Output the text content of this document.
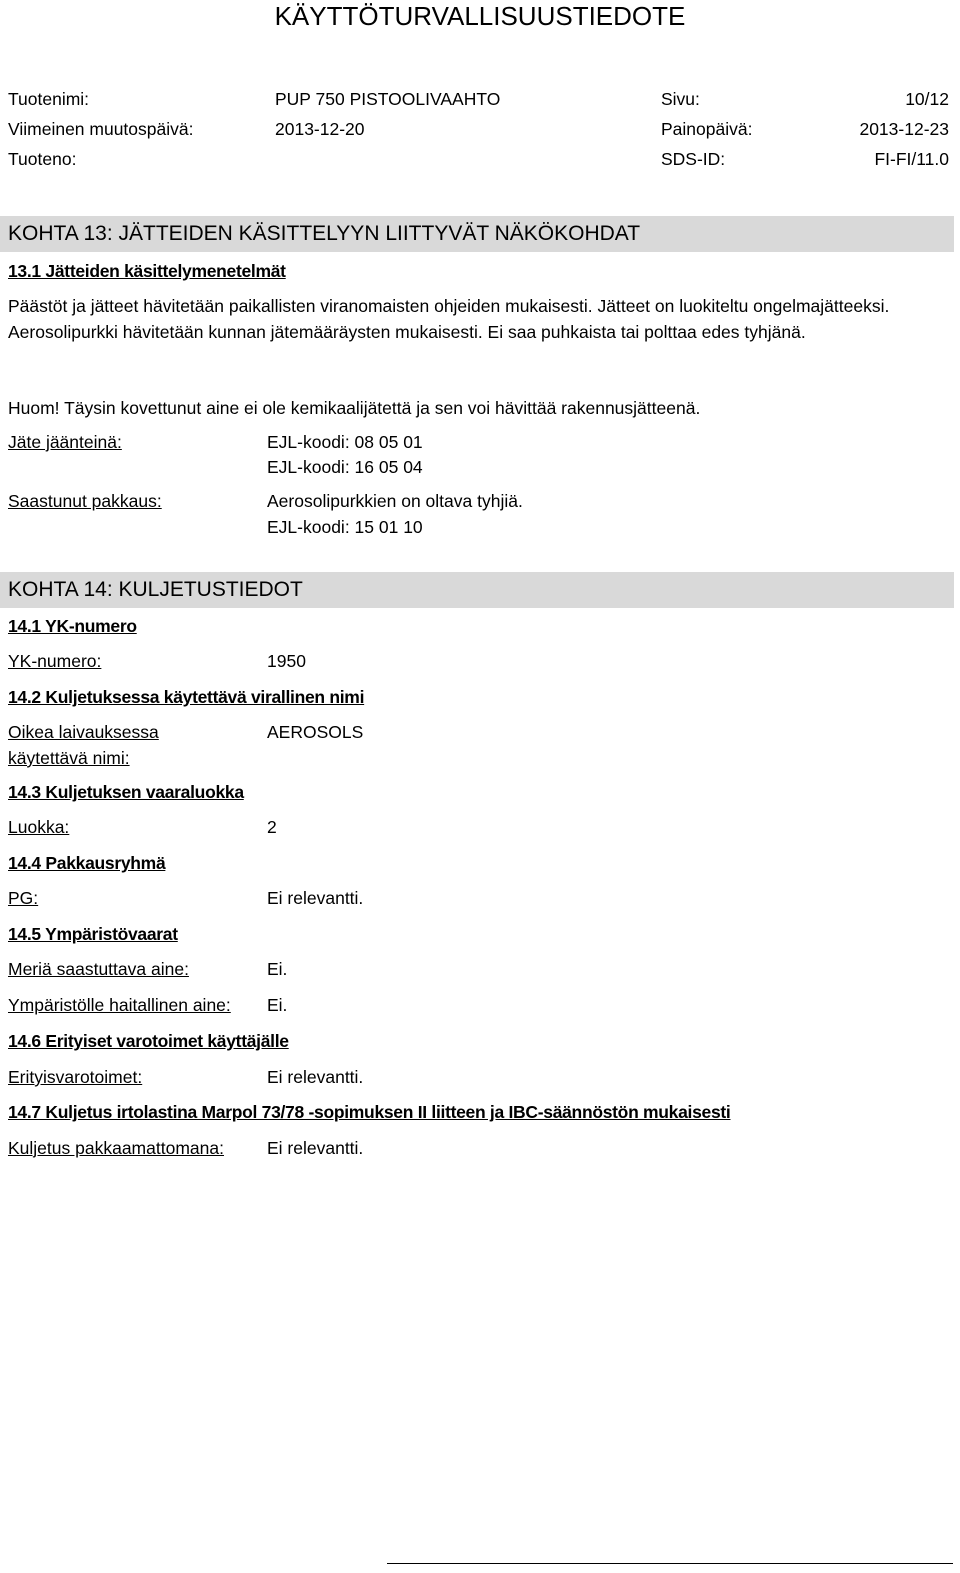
KÄYTTÖTURVALLISUUSTIEDOTE
Tuotenimi:	PUP 750 PISTOOLIVAAHTO	Sivu:	10/12
Viimeinen muutospäivä:	2013-12-20	Painopäivä:	2013-12-23
Tuoteno:	SDS-ID:	FI-FI/11.0
KOHTA 13: JÄTTEIDEN KÄSITTELYYN LIITTYVÄT NÄKÖKOHDAT
13.1 Jätteiden käsittelymenetelmät
Päästöt ja jätteet hävitetään paikallisten viranomaisten ohjeiden mukaisesti. Jätteet on luokiteltu ongelmajätteeksi. Aerosolipurkki hävitetään kunnan jätemääräysten mukaisesti. Ei saa puhkaista tai polttaa edes tyhjänä.
Huom! Täysin kovettunut aine ei ole kemikaalijätettä ja sen voi hävittää rakennusjätteenä.
Jäte jäänteinä:	EJL-koodi: 08 05 01
EJL-koodi: 16 05 04
Saastunut pakkaus:	Aerosolipurkkien on oltava tyhjiä.
EJL-koodi: 15 01 10
KOHTA 14: KULJETUSTIEDOT
14.1 YK-numero
YK-numero:	1950
14.2 Kuljetuksessa käytettävä virallinen nimi
Oikea laivauksessa
käytettävä nimi:
AEROSOLS
14.3 Kuljetuksen vaaraluokka
Luokka:	2
14.4 Pakkausryhmä
PG:	Ei relevantti.
14.5 Ympäristövaarat
Meriä saastuttava aine:	Ei.
Ympäristölle haitallinen aine: Ei.
14.6 Erityiset varotoimet käyttäjälle
Erityisvarotoimet:	Ei relevantti.
14.7 Kuljetus irtolastina Marpol 73/78 -sopimuksen II liitteen ja IBC-säännöstön mukaisesti
Kuljetus pakkaamattomana: Ei relevantti.
